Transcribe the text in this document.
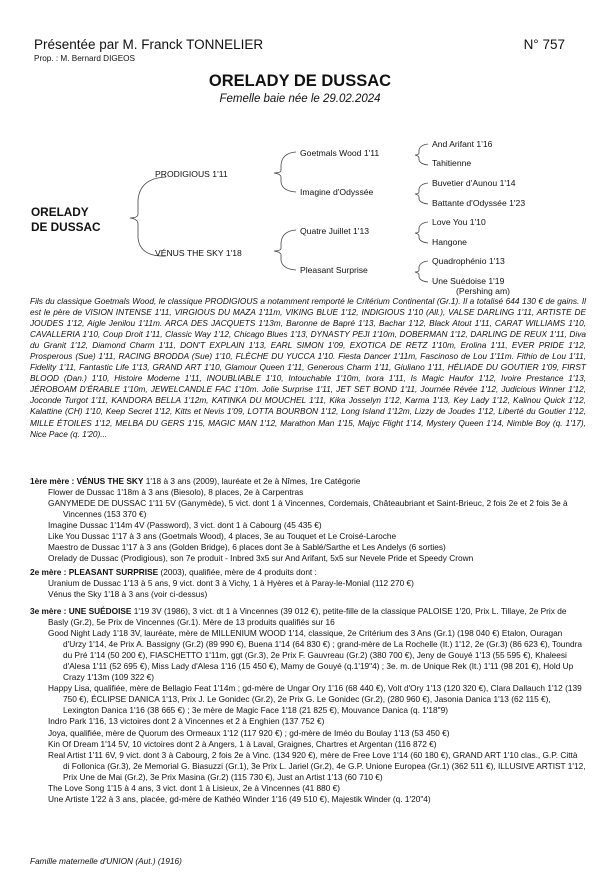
Présentée par M. Franck TONNELIER	N° 757
Prop. : M. Bernard DIGEOS
ORELADY DE DUSSAC
Femelle baie née le 29.02.2024
ORELADY
DE DUSSAC
PRODIGIOUS 1'11
VÉNUS THE SKY 1'18
Goetmals Wood 1'11
Imagine d'Odyssée
Quatre Juillet 1'13
Pleasant Surprise
And Arifant 1'16
Tahitienne
Buvetier d'Aunou 1'14
Battante d'Odyssée 1'23
Love You 1'10
Hangone
Quadrophénio 1'13
Une Suédoise 1'19
(Pershing am)
Fils du classique Goetmals Wood, le classique PRODIGIOUS a notamment remporté le Critérium Continental (Gr.1). Il a totalisé 644 130 € de gains. Il est le père de VISION INTENSE 1'11, VIRGIOUS DU MAZA 1'11m, VIKING BLUE 1'12, INDIGIOUS 1'10 (All.), VALSE DARLING 1'11, ARTISTE DE JOUDES 1'12, Aigle Jenilou 1'11m. ARCA DES JACQUETS 1'13m, Baronne de Bapré 1'13, Bachar 1'12, Black Atout 1'11, CARAT WILLIAMS 1'10, CAVALLERIA 1'10, Coup Droit 1'11, Classic Way 1'12, Chicago Blues 1'13, DYNASTY PEJI 1'10m, DOBERMAN 1'12, DARLING DE REUX 1'11, Diva du Granit 1'12, Diamond Charm 1'11, DON'T EXPLAIN 1'13, EARL SIMON 1'09, EXOTICA DE RETZ 1'10m, Erolina 1'11, EVER PRIDE 1'12, Prosperous (Sue) 1'11, RACING BRODDA (Sue) 1'10, FLÈCHE DU YUCCA 1'10. Fiesta Dancer 1'11m, Fascinoso de Lou 1'11m. Fithio de Lou 1'11, Fidelity 1'11, Fantastic Life 1'13, GRAND ART 1'10, Glamour Queen 1'11, Generous Charm 1'11, Giuliano 1'11, HÉLIADE DU GOUTIER 1'09, FIRST BLOOD (Dan.) 1'10, Histoire Moderne 1'11, INOUBLIABLE 1'10, Intouchable 1'10m, Ixora 1'11, Is Magic Haufor 1'12, Ivoire Prestance 1'13, JÉROBOAM D'ÉRABLE 1'10m, JEWELCANDLE FAC 1'10m. Jolie Surprise 1'11, JET SET BOND 1'11, Journée Révée 1'12, Judicious Winner 1'12, Joconde Turgot 1'11, KANDORA BELLA 1'12m, KATINKA DU MOUCHEL 1'11, Kika Josselyn 1'12, Karma 1'13, Key Lady 1'12, Kalinou Quick 1'12, Kalattine (CH) 1'10, Keep Secret 1'12, Kitts et Nevis 1'09, LOTTA BOURBON 1'12, Long Island 1'12m, Lizzy de Joudes 1'12, Liberté du Goutier 1'12, MILLE ÉTOILES 1'12, MELBA DU GERS 1'15, MAGIC MAN 1'12, Marathon Man 1'15, Majyc Flight 1'14, Mystery Queen 1'14, Nimble Boy (q. 1'17), Nice Pace (q. 1'20)...
1ère mère : VÉNUS THE SKY 1'18 à 3 ans (2009), lauréate et 2e à Nîmes, 1re Catégorie
Flower de Dussac 1'18m à 3 ans (Biesolo), 8 places, 2e à Carpentras
GANYMEDE DE DUSSAC 1'11 5V (Ganymède), 5 vict. dont 1 à Vincennes, Cordemais, Châteaubriant et Saint-Brieuc, 2 fois 2e et 2 fois 3e à Vincennes (153 370 €)
Imagine Dussac 1'14m 4V (Password), 3 vict. dont 1 à Cabourg (45 435 €)
Like You Dussac 1'17 à 3 ans (Goetmals Wood), 4 places, 3e au Touquet et Le Croisé-Laroche
Maestro de Dussac 1'17 à 3 ans (Golden Bridge), 6 places dont 3e à Sablé/Sarthe et Les Andelys (6 sorties)
Orelady de Dussac (Prodigious), son 7e produit - Inbred 3x5 sur And Arifant, 5x5 sur Nevele Pride et Speedy Crown
2e mère : PLEASANT SURPRISE (2003), qualifiée, mère de 4 produits dont :
Uranium de Dussac 1'13 à 5 ans, 9 vict. dont 3 à Vichy, 1 à Hyères et à Paray-le-Monial (112 270 €)
Vénus the Sky 1'18 à 3 ans (voir ci-dessus)
3e mère : UNE SUÉDOISE 1'19 3V (1986), 3 vict. dt 1 à Vincennes (39 012 €), petite-fille de la classique PALOISE 1'20, Prix L. Tillaye, 2e Prix de Basly (Gr.2), 5e Prix de Vincennes (Gr.1). Mère de 13 produits qualifiés sur 16
Good Night Lady 1'18 3V, lauréate, mère de MILLENIUM WOOD 1'14, classique, 2e Critérium des 3 Ans (Gr.1) (198 040 €) Etalon, Ouragan d'Urzy 1'14, 4e Prix A. Bassigny (Gr.2) (89 990 €), Buena 1'14 (64 830 €) ; grand-mère de La Rochelle (It.) 1'12, 2e (Gr.3) (86 623 €), Toundra du Pré 1'14 (50 200 €), FIASCHETTO 1'11m, ggt (Gr.3), 2e Prix F. Gauvreau (Gr.2) (380 700 €), Jeny de Gouyé 1'13 (55 595 €), Khaleesi d'Alesa 1'11 (52 695 €), Miss Lady d'Alesa 1'16 (15 450 €), Mamy de Gouyé (q.1'19"4) ; 3e. m. de Unique Rek (It.) 1'11 (98 201 €), Hold Up Crazy 1'13m (109 322 €)
Happy Lisa, qualifiée, mère de Bellagio Feat 1'14m ; gd-mère de Ungar Ory 1'16 (68 440 €), Volt d'Ory 1'13 (120 320 €), Clara Dallauch 1'12 (139 750 €), ÉCLIPSE DANICA 1'13, Prix J. Le Gonidec (Gr.2), 2e Prix G. Le Gonidec (Gr.2), (280 960 €), Jasonia Danica 1'13 (62 115 €), Lexington Danica 1'16 (38 665 €) ; 3e mère de Magic Face 1'18 (21 825 €), Mouvance Danica (q. 1'18"9)
Indro Park 1'16, 13 victoires dont 2 à Vincennes et 2 à Enghien (137 752 €)
Joya, qualifiée, mère de Quorum des Ormeaux 1'12 (117 920 €) ; gd-mère de Iméo du Boulay 1'13 (53 450 €)
Kin Of Dream 1'14 5V, 10 victoires dont 2 à Angers, 1 à Laval, Graignes, Chartres et Argentan (116 872 €)
Real Artist 1'11 6V, 9 vict. dont 3 à Cabourg, 2 fois 2e à Vinc. (134 920 €), mère de Free Love 1'14 (60 180 €), GRAND ART 1'10 clas., G.P. Città di Follonica (Gr.3), 2e Memorial G. Biasuzzi (Gr.1), 3e Prix L. Jariel (Gr.2), 4e G.P. Unione Europea (Gr.1) (362 511 €), ILLUSIVE ARTIST 1'12, Prix Une de Mai (Gr.2), 3e Prix Masina (Gr.2) (115 730 €), Just an Artist 1'13 (60 710 €)
The Love Song 1'15 à 4 ans, 3 vict. dont 1 à Lisieux, 2e à Vincennes (41 880 €)
Une Artiste 1'22 à 3 ans, placée, gd-mère de Kathéo Winder 1'16 (49 510 €), Majestik Winder (q. 1'20"4)
Famille maternelle d'UNION (Aut.) (1916)
